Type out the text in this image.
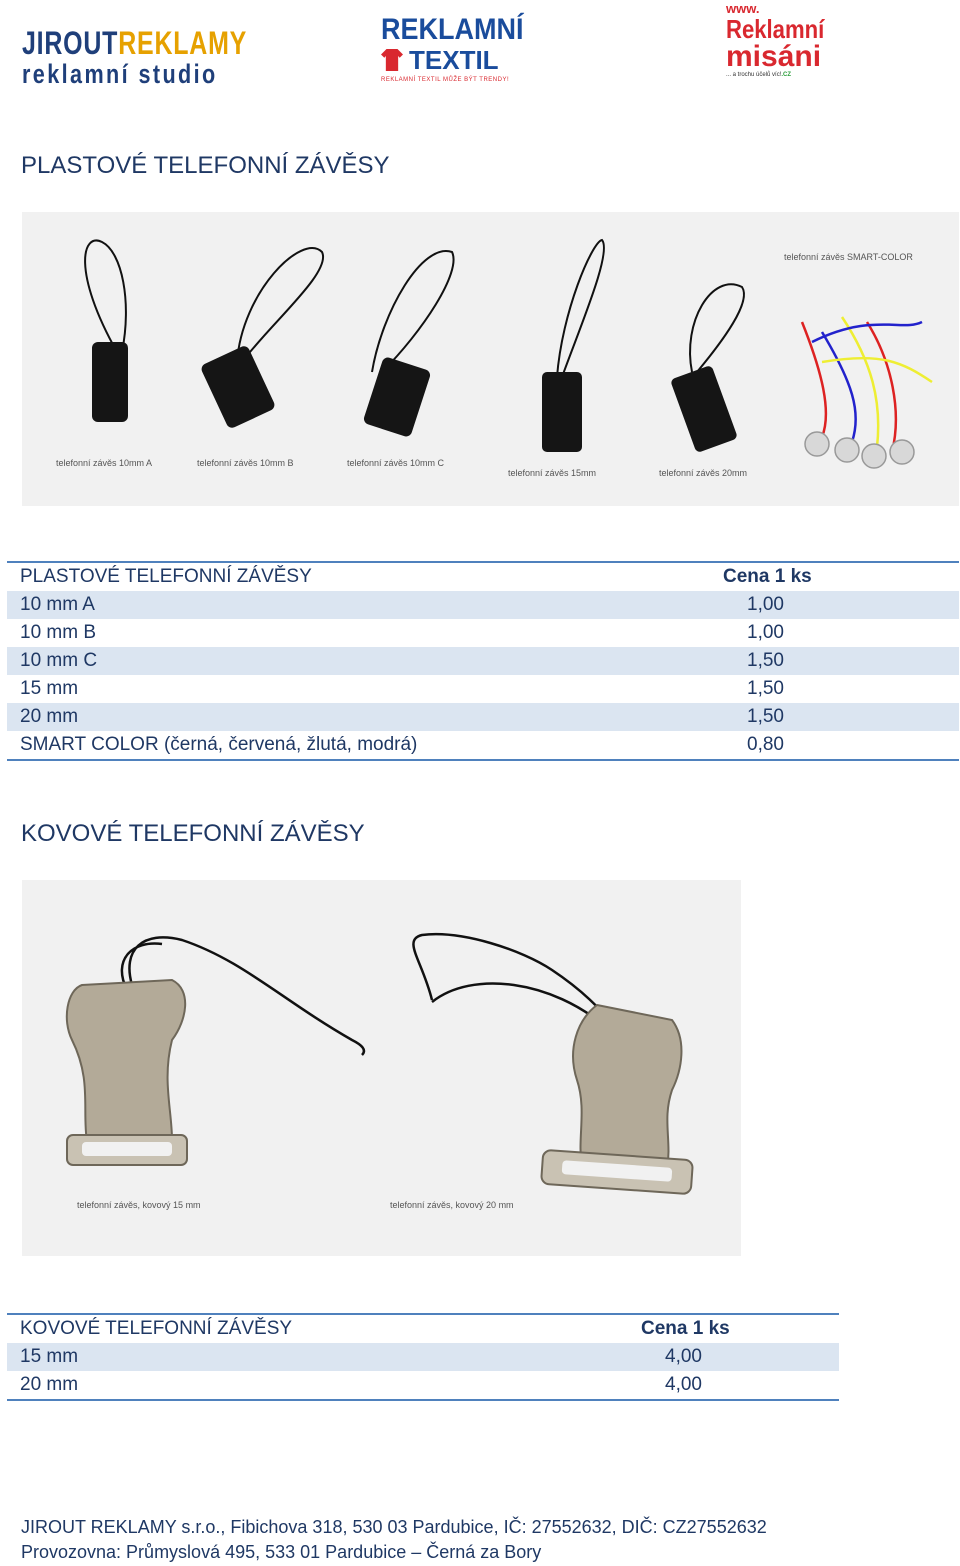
JIROUTREKLAMY
reklamní studio
REKLAMNÍ
TEXTIL
REKLAMNÍ TEXTIL MŮŽE BÝT TRENDY!
www.
Reklamní
misáni
... a trochu účelů víc!.CZ
PLASTOVÉ TELEFONNÍ ZÁVĚSY
telefonní závěs 10mm A	telefonní závěs 10mm B	telefonní závěs 10mm C
telefonní závěs 15mm	telefonní závěs 20mm
telefonní závěs SMART-COLOR
PLASTOVÉ TELEFONNÍ ZÁVĚSY	Cena 1 ks
10 mm A	1,00
10 mm B	1,00
10 mm C	1,50
15 mm	1,50
20 mm	1,50
SMART COLOR (černá, červená, žlutá, modrá)	0,80
KOVOVÉ TELEFONNÍ ZÁVĚSY
telefonní závěs, kovový 15 mm	telefonní závěs, kovový 20 mm
KOVOVÉ TELEFONNÍ ZÁVĚSY	Cena 1 ks
15 mm	4,00
20 mm	4,00
JIROUT REKLAMY s.r.o., Fibichova 318, 530 03 Pardubice, IČ: 27552632, DIČ: CZ27552632
Provozovna: Průmyslová 495, 533 01 Pardubice – Černá za Bory
